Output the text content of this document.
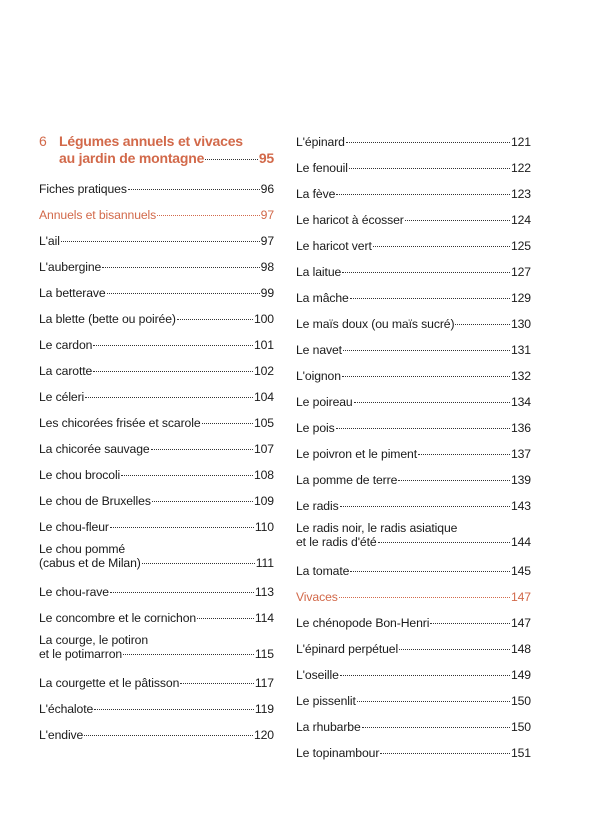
6 Légumes annuels et vivaces
au jardin de montagne	95
Fiches pratiques	96
Annuels et bisannuels	97
L'ail	97
L'aubergine	98
La betterave	99
La blette (bette ou poirée)	100
Le cardon	101
La carotte	102
Le céleri	104
Les chicorées frisée et scarole	105
La chicorée sauvage	107
Le chou brocoli	108
Le chou de Bruxelles	109
Le chou-fleur	110
Le chou pommé
(cabus et de Milan)	111
Le chou-rave	113
Le concombre et le cornichon	114
La courge, le potiron
et le potimarron	115
La courgette et le pâtisson	117
L'échalote	119
L'endive	120
L'épinard	121
Le fenouil	122
La fève	123
Le haricot à écosser	124
Le haricot vert	125
La laitue	127
La mâche	129
Le maïs doux (ou maïs sucré)	130
Le navet	131
L'oignon	132
Le poireau	134
Le pois	136
Le poivron et le piment	137
La pomme de terre	139
Le radis	143
Le radis noir, le radis asiatique
et le radis d'été	144
La tomate	145
Vivaces	147
Le chénopode Bon-Henri	147
L'épinard perpétuel	148
L'oseille	149
Le pissenlit	150
La rhubarbe	150
Le topinambour	151
